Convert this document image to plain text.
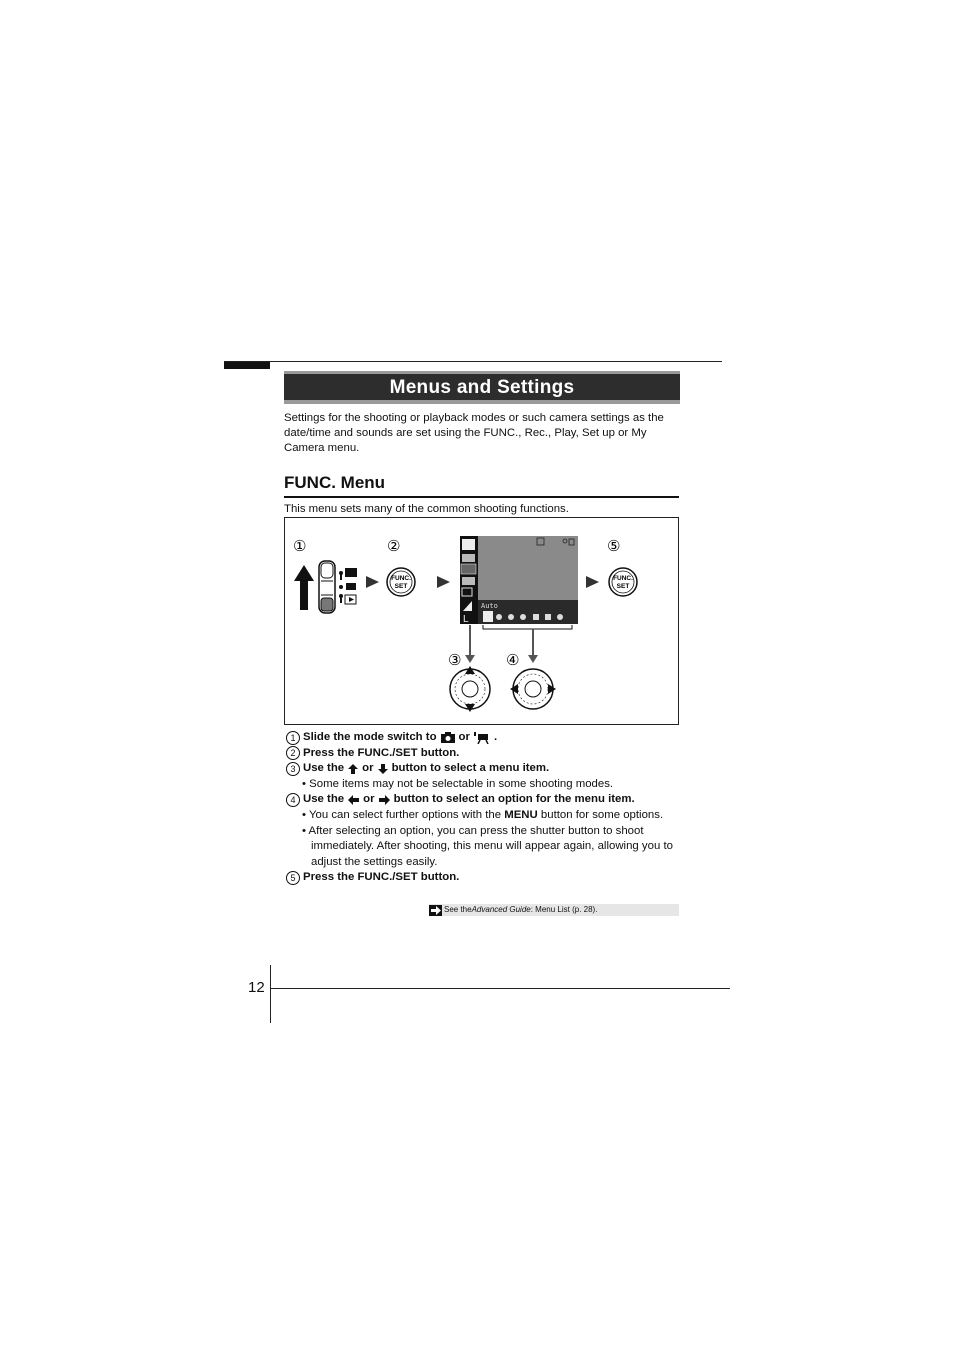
Menus and Settings
Settings for the shooting or playback modes or such camera settings as the date/time and sounds are set using the FUNC., Rec., Play, Set up or My Camera menu.
FUNC. Menu
This menu sets many of the common shooting functions.
①	②	⑤
③	④
FUNC.
SET
FUNC.
SET
L
Auto
1 Slide the mode switch to or .
2 Press the FUNC./SET button.
3 Use the or button to select a menu item.
• Some items may not be selectable in some shooting modes.
4 Use the or button to select an option for the menu item.
• You can select further options with the MENU button for some options.
• After selecting an option, you can press the shutter button to shoot immediately. After shooting, this menu will appear again, allowing you to adjust the settings easily.
5 Press the FUNC./SET button.
See the Advanced Guide : Menu List (p. 28).
12
